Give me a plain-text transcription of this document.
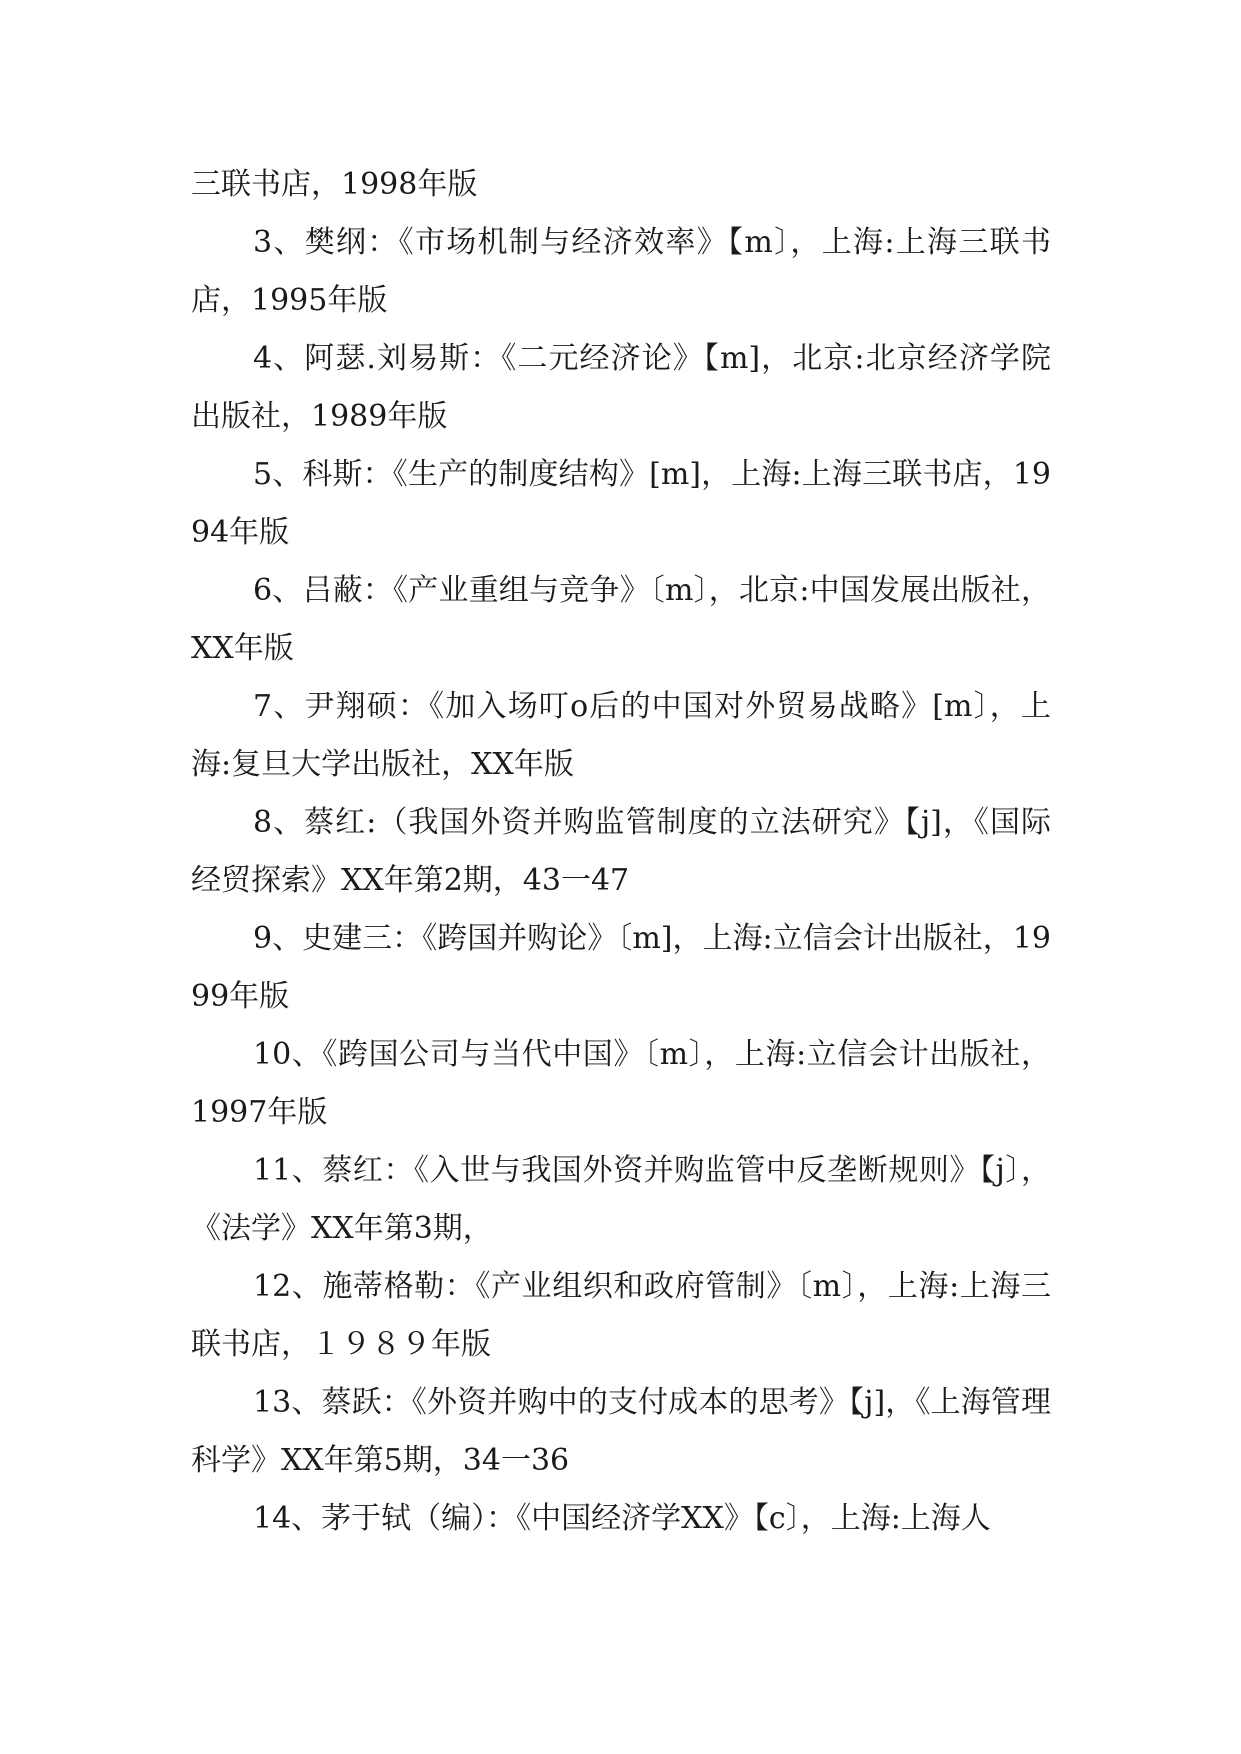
三联书店，1998年版

3、樊纲：《市场机制与经济效率》【m〕，上海:上海三联书店，1995年版

4、阿瑟.刘易斯：《二元经济论》【m]，北京:北京经济学院出版社，1989年版

5、科斯：《生产的制度结构》[m]，上海:上海三联书店，1994年版

6、吕蔽：《产业重组与竞争》〔m〕，北京:中国发展出版社，XX年版

7、尹翔硕：《加入场叮o后的中国对外贸易战略》[m〕，上海:复旦大学出版社，XX年版

8、蔡红:（我国外资并购监管制度的立法研究》【j]，《国际经贸探索》XX年第2期，43一47

9、史建三：《跨国并购论》〔m]，上海:立信会计出版社，1999年版

10、《跨国公司与当代中国》〔m〕，上海:立信会计出版社，1997年版

11、蔡红：《入世与我国外资并购监管中反垄断规则》【j〕，《法学》XX年第3期，

12、施蒂格勒：《产业组织和政府管制》〔m〕，上海:上海三联书店，１９８９年版

13、蔡跃：《外资并购中的支付成本的思考》【j]，《上海管理科学》XX年第5期，34一36

14、茅于轼（编）：《中国经济学XX》【c〕，上海:上海人
